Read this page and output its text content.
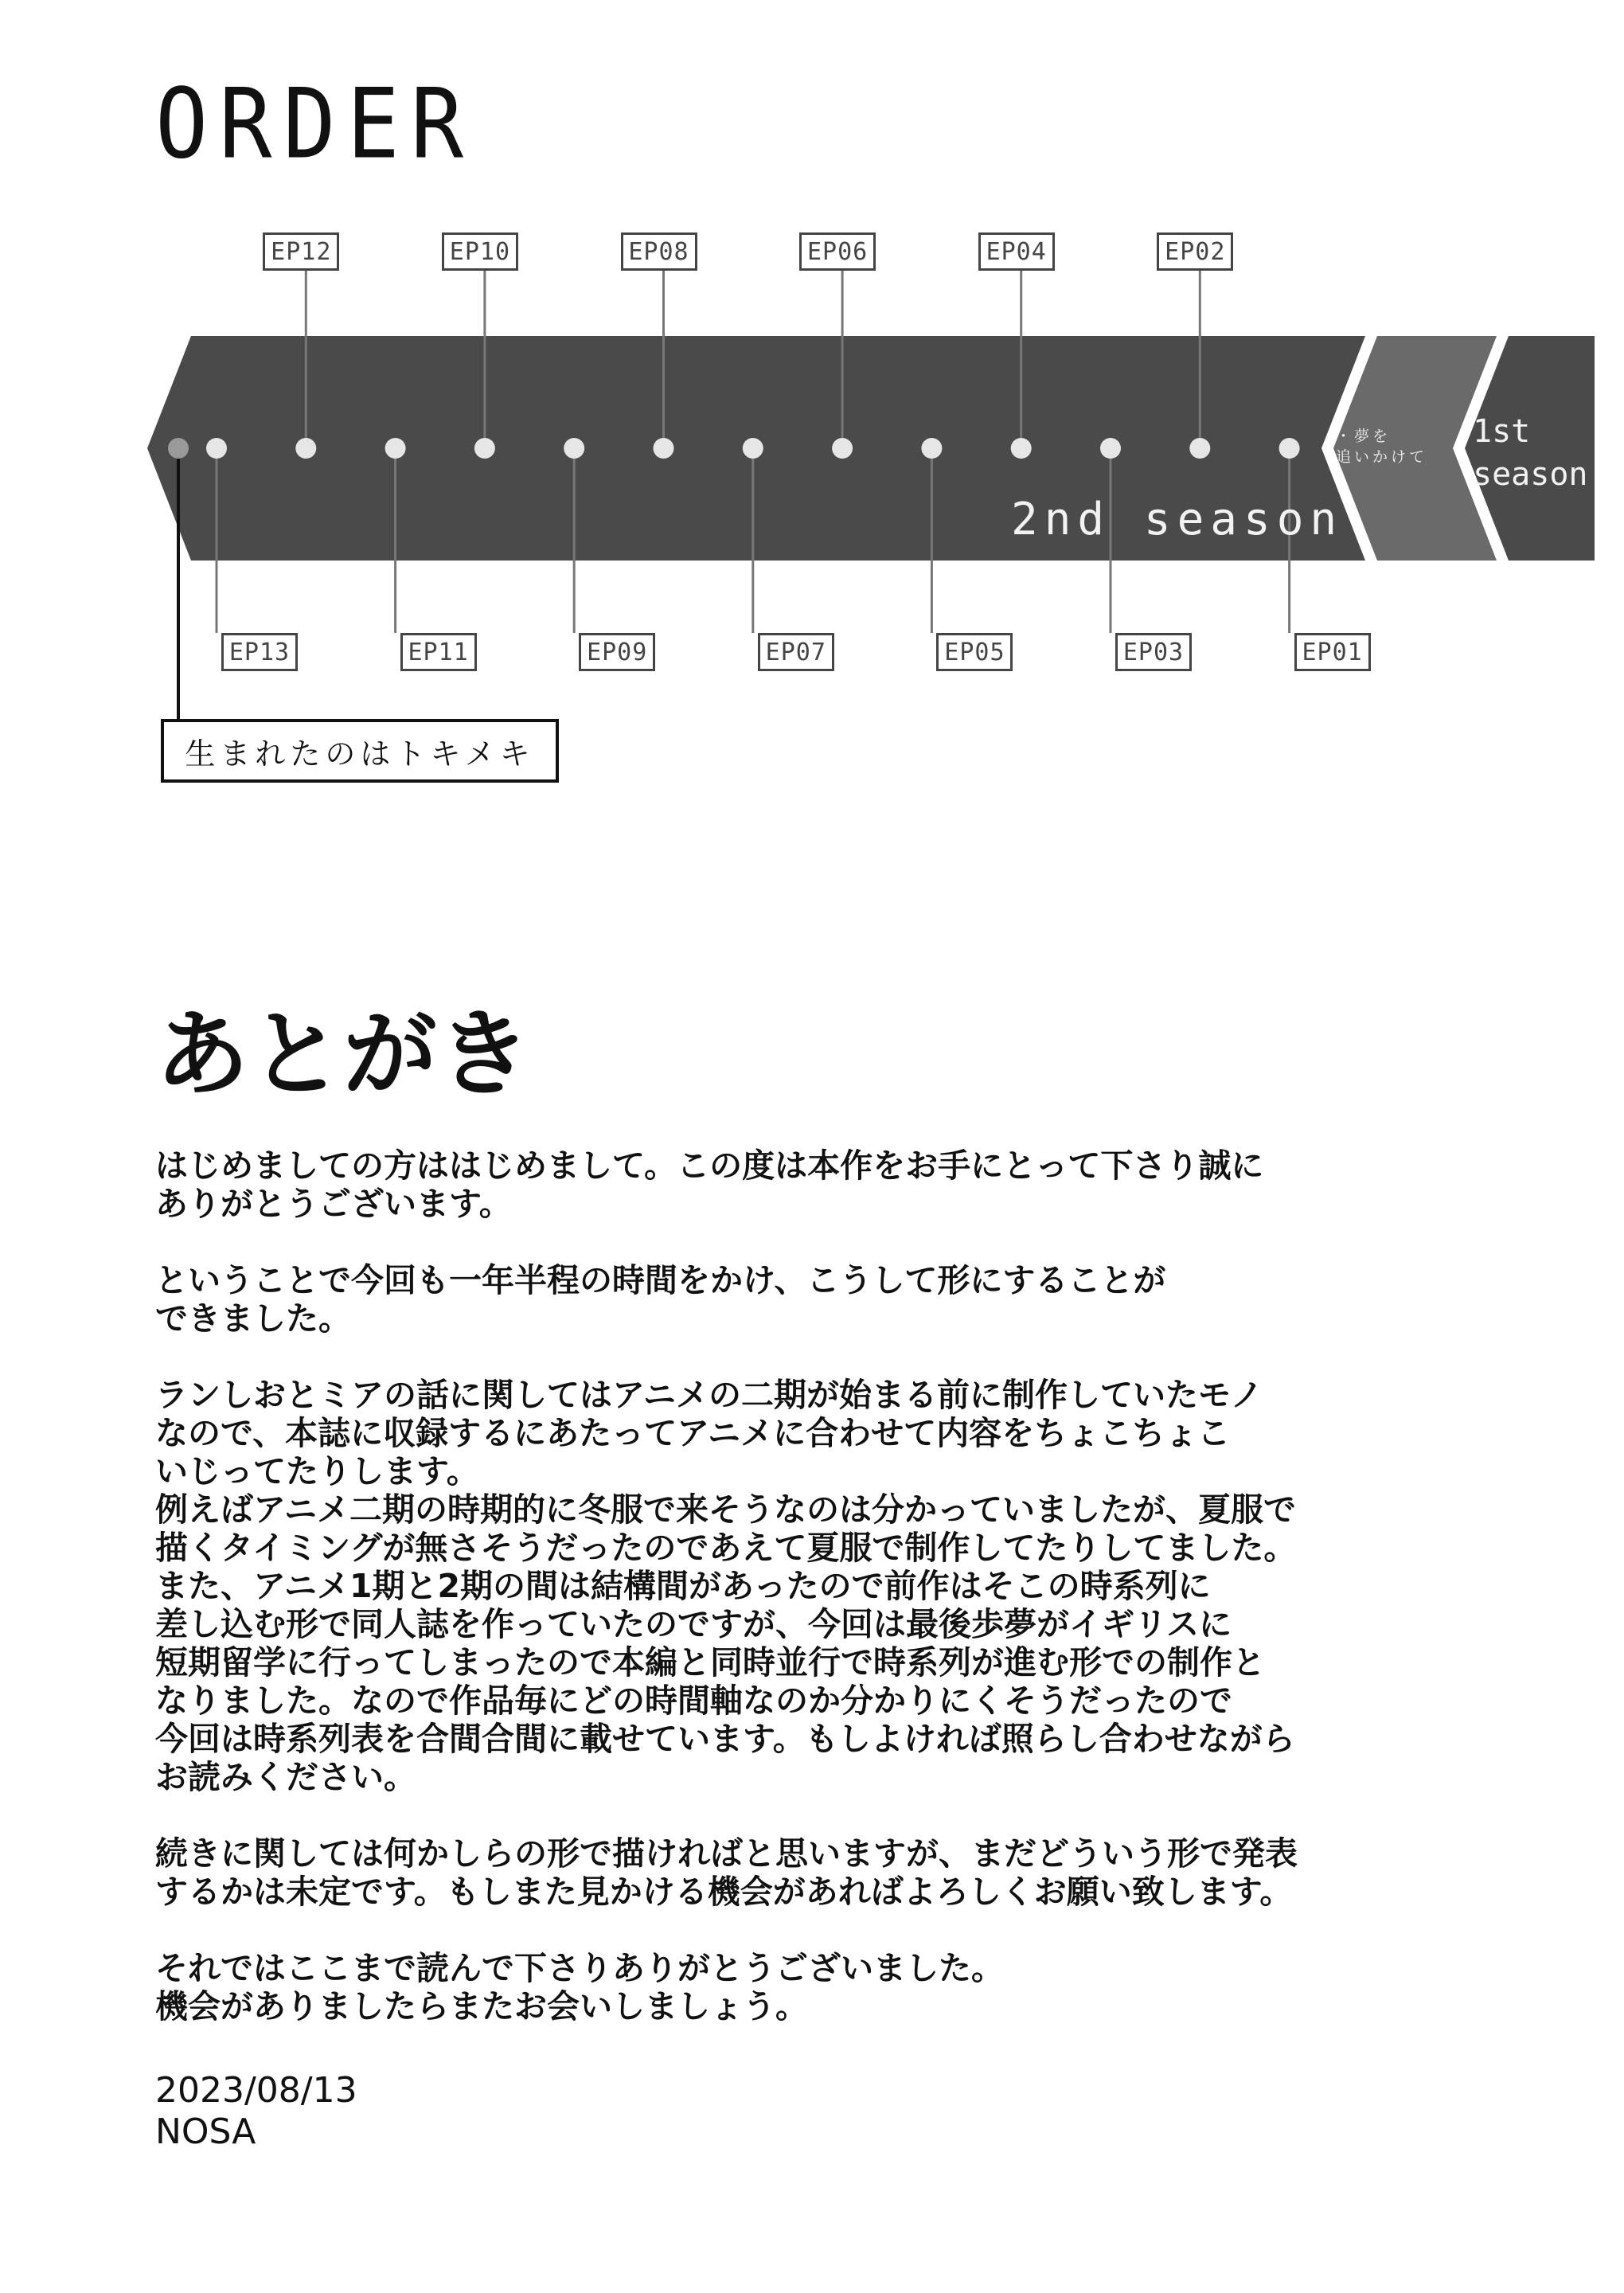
ORDER
EP13
EP12
EP11
EP10
EP09
EP08
EP07
EP06
EP05
EP04
EP03
EP02
EP01
2nd season
・夢を
追いかけて
1st
season
生まれたのはトキメキ
あとがき

はじめましての方ははじめまして。この度は本作をお手にとって下さり誠に
ありがとうございます。

ということで今回も一年半程の時間をかけ、こうして形にすることが
できました。

ランしおとミアの話に関してはアニメの二期が始まる前に制作していたモノ
なので、本誌に収録するにあたってアニメに合わせて内容をちょこちょこ
いじってたりします。
例えばアニメ二期の時期的に冬服で来そうなのは分かっていましたが、夏服で
描くタイミングが無さそうだったのであえて夏服で制作してたりしてました。
また、アニメ1期と2期の間は結構間があったので前作はそこの時系列に
差し込む形で同人誌を作っていたのですが、今回は最後歩夢がイギリスに
短期留学に行ってしまったので本編と同時並行で時系列が進む形での制作と
なりました。なので作品毎にどの時間軸なのか分かりにくそうだったので
今回は時系列表を合間合間に載せています。もしよければ照らし合わせながら
お読みください。

続きに関しては何かしらの形で描ければと思いますが、まだどういう形で発表
するかは未定です。もしまた見かける機会があればよろしくお願い致します。

それではここまで読んで下さりありがとうございました。
機会がありましたらまたお会いしましょう。

2023/08/13
NOSA
